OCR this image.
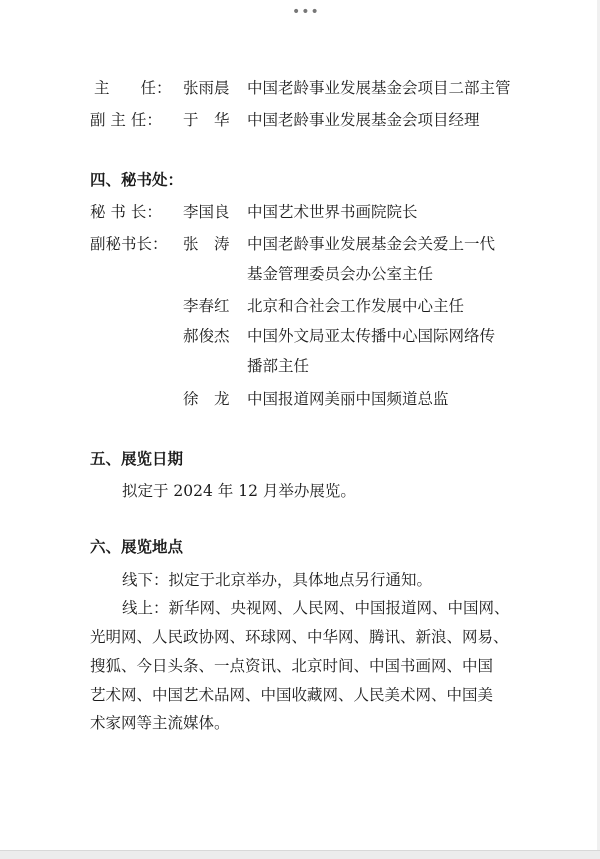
•••
主　　任： 张雨晨 中国老龄事业发展基金会项目二部主管
副 主 任： 于　华 中国老龄事业发展基金会项目经理
四、秘书处：
秘 书 长： 李国良 中国艺术世界书画院院长
副秘书长： 张　涛 中国老龄事业发展基金会关爱上一代
基金管理委员会办公室主任
李春红 北京和合社会工作发展中心主任
郝俊杰 中国外文局亚太传播中心国际网络传
播部主任
徐　龙 中国报道网美丽中国频道总监
五、展览日期
拟定于 2024 年 12 月举办展览。
六、展览地点
线下：拟定于北京举办，具体地点另行通知。
线上：新华网、央视网、人民网、中国报道网、中国网、
光明网、人民政协网、环球网、中华网、腾讯、新浪、网易、
搜狐、今日头条、一点资讯、北京时间、中国书画网、中国
艺术网、中国艺术品网、中国收藏网、人民美术网、中国美
术家网等主流媒体。
